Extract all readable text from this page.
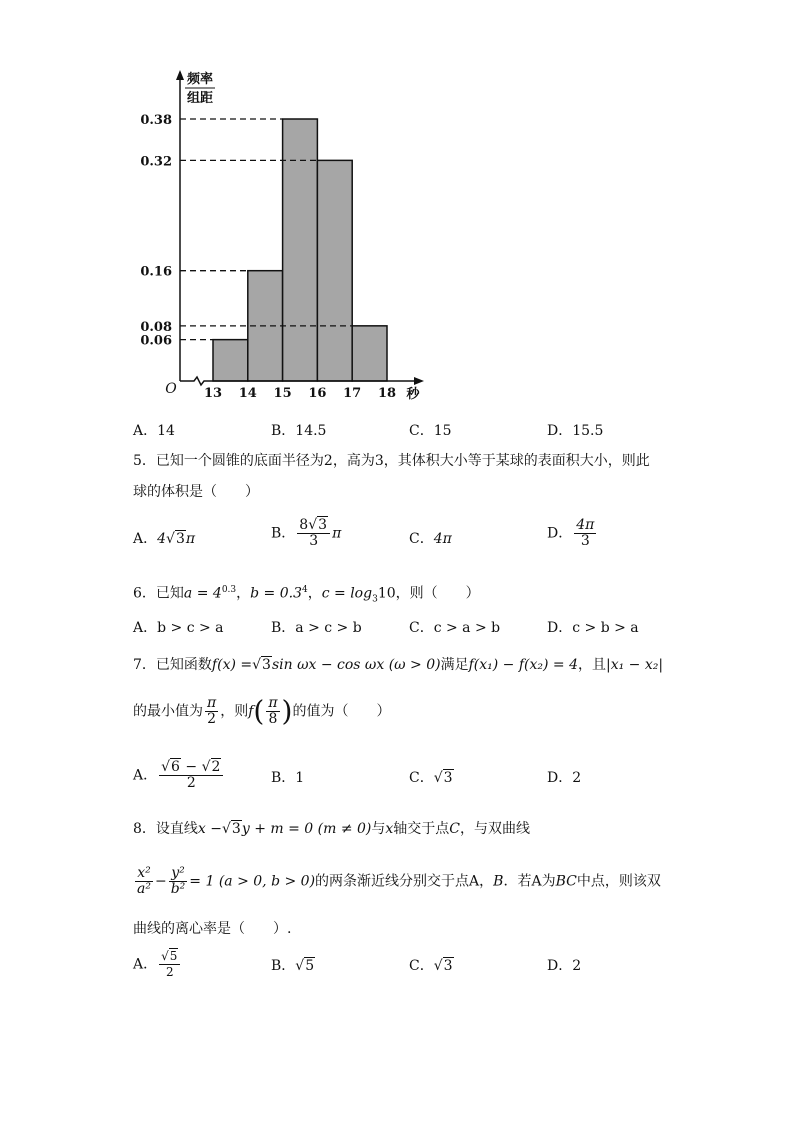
0.06
0.08
0.16
0.32
0.38
13 14 15 16 17 18 秒
O
频率
组距
A．14	B．14.5	C．15	D．15.5
5．已知一个圆锥的底面半径为2，高为3，其体积大小等于某球的表面积大小，则此
球的体积是（　　）
A．4√3π	B． $\frac{8√3}{3}$ π	C．4π	D． $\frac{4\pi}{3}$
6．已知$a = 4^{0.3}$，$b = 0.3^4$，$c = \log_310$，则（　　）
A．b > c > a	B．a > c > b	C．c > a > b	D．c > b > a
7．已知函数f(x) =√3sin ωx − cos ωx (ω > 0)满足f(x₁) − f(x₂) = 4，且|x₁ − x₂|
的最小值为 $\frac{\pi}{2}$ ，则$f( \frac{\pi}{8}$ )的值为（　　）
A． $\frac{√6 - √2}{2}$	B．1	C．√3	D．2
8．设直线x −√3y + m = 0 (m ≠ 0)与x轴交于点C，与双曲线
$\frac{\text{x²}}{\text{a²}} - \frac{\text{y²}}{\text{b²}} = 1$ (a > 0, b > 0)的两条渐近线分别交于点A，B．若A为BC中点，则该双
曲线的离心率是（　　）.
A． $\frac{√5}{2}$	B．√5	C．√3	D．2
